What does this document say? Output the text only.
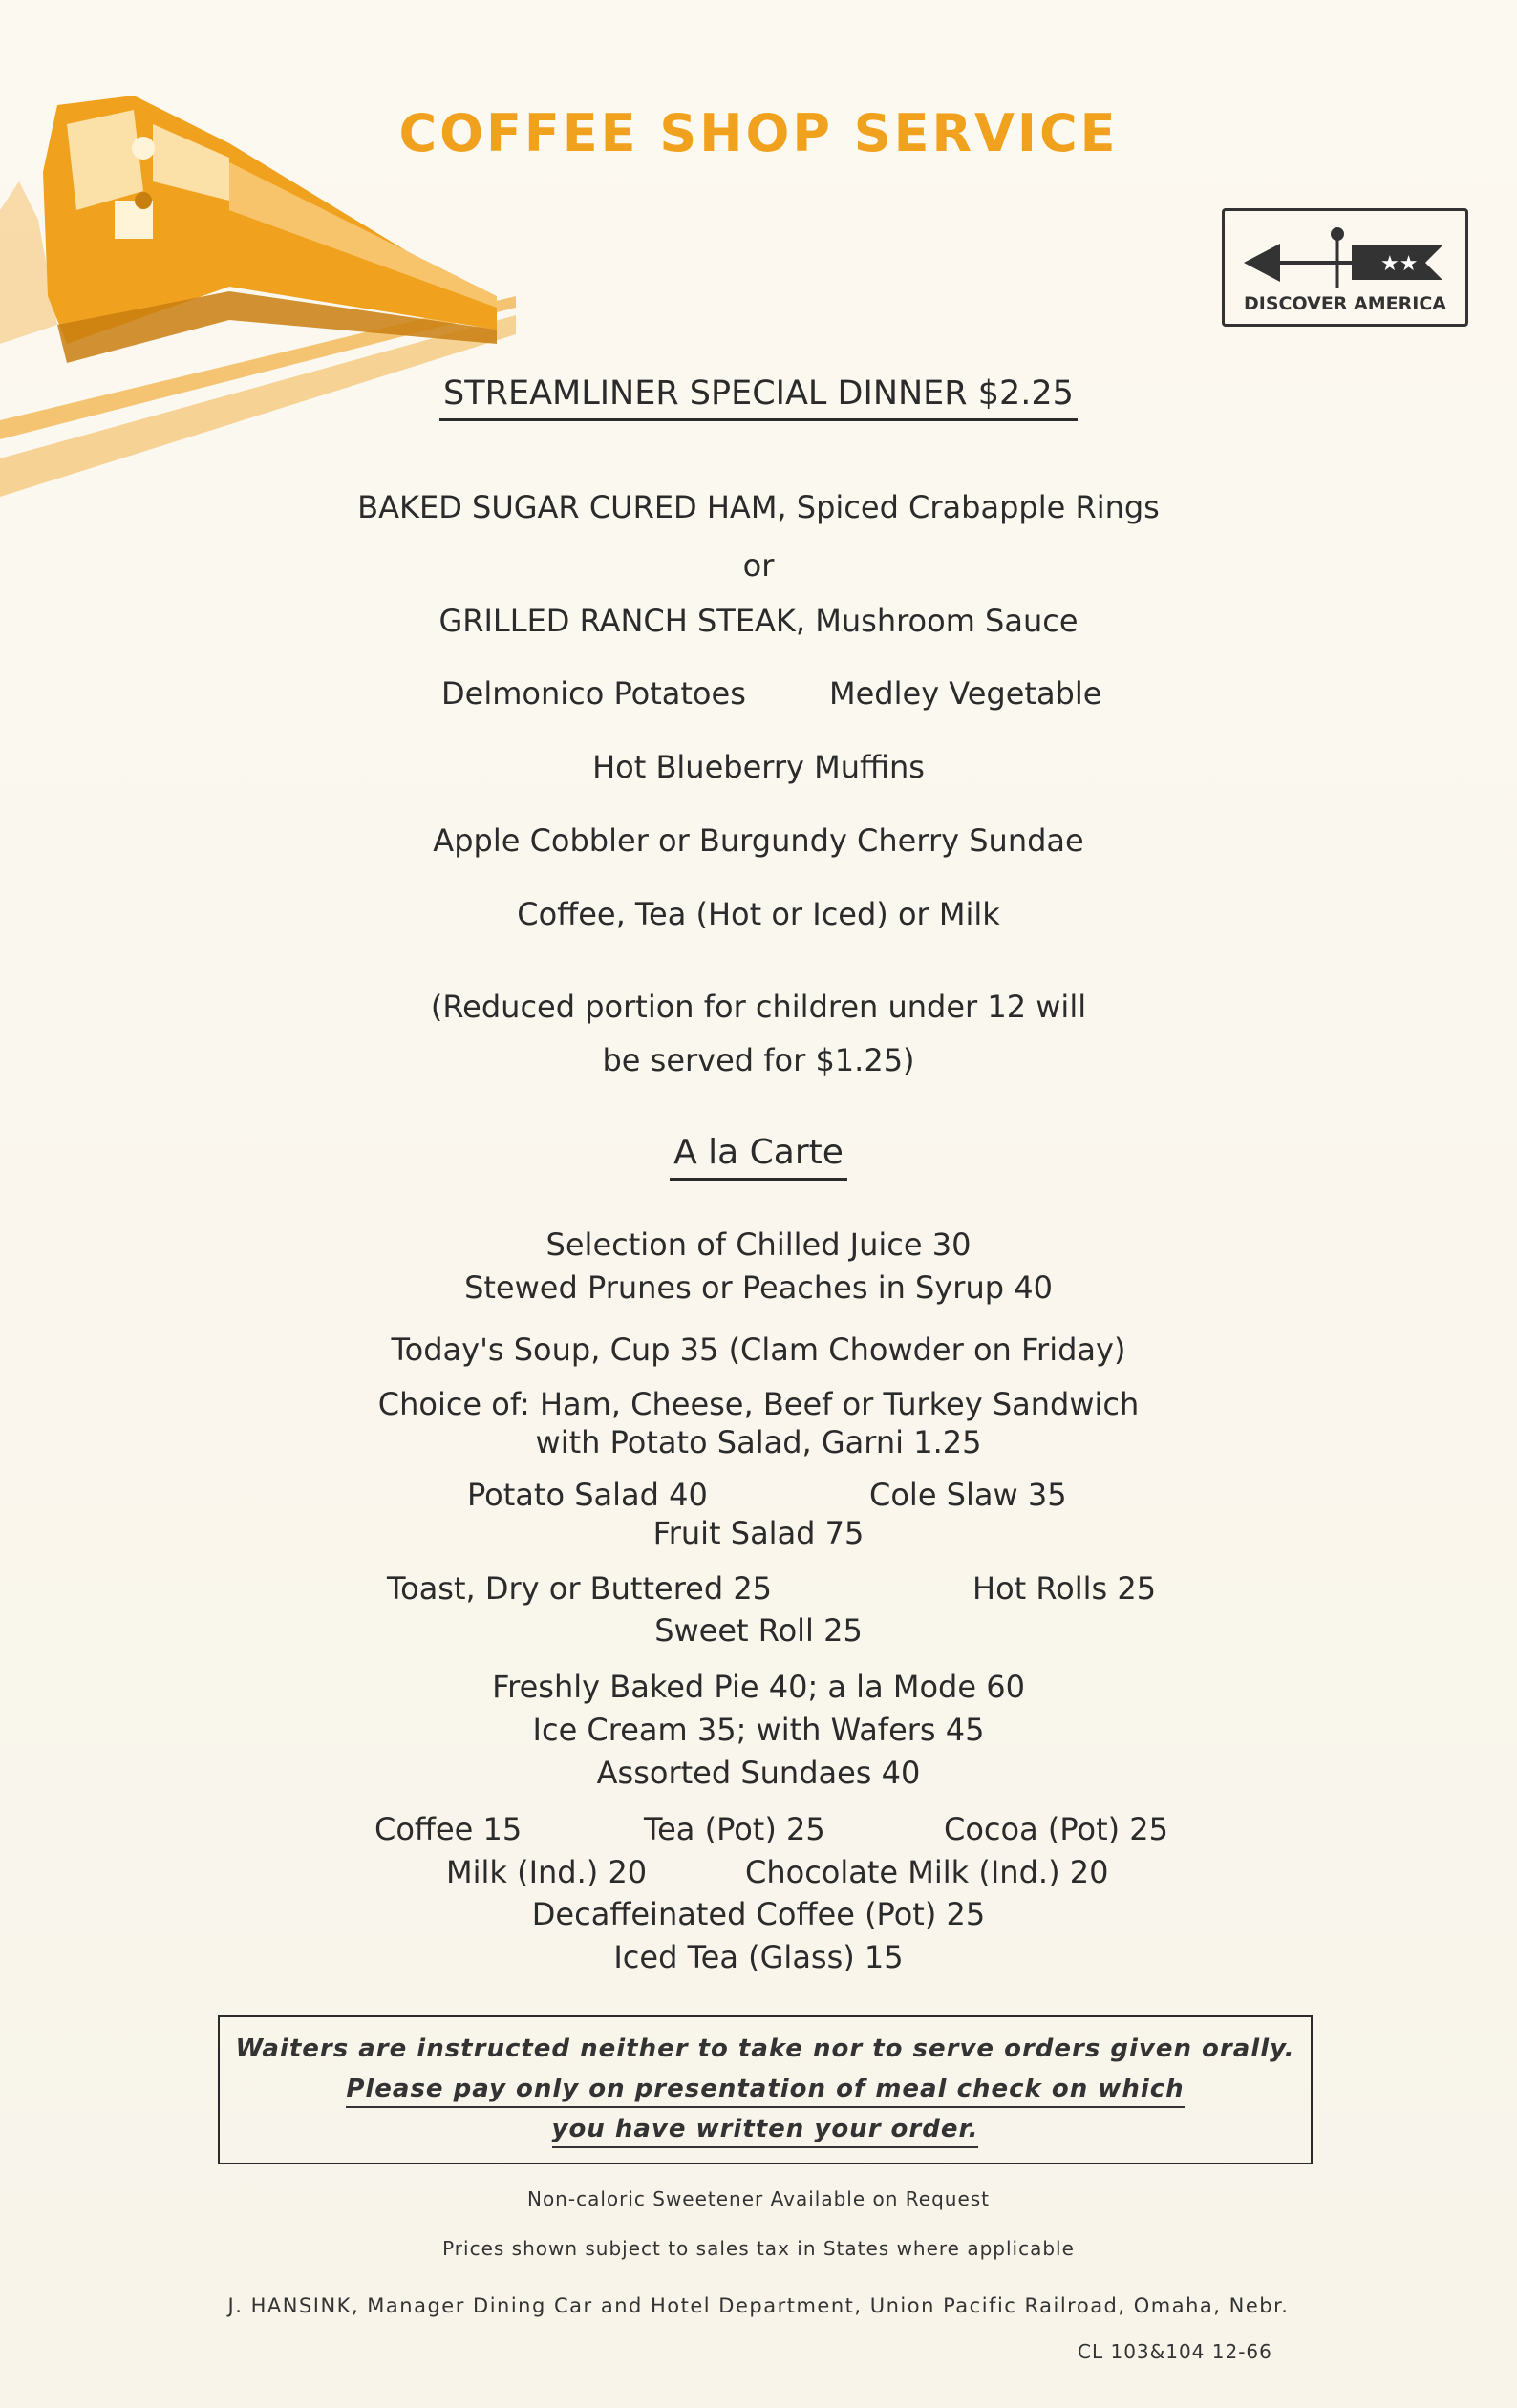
COFFEE SHOP SERVICE
★★
DISCOVER AMERICA
STREAMLINER SPECIAL DINNER $2.25
BAKED SUGAR CURED HAM, Spiced Crabapple Rings
or
GRILLED RANCH STEAK, Mushroom Sauce
Delmonico Potatoes	Medley Vegetable
Hot Blueberry Muffins
Apple Cobbler or Burgundy Cherry Sundae
Coffee, Tea (Hot or Iced) or Milk
(Reduced portion for children under 12 will
be served for $1.25)
A la Carte
Selection of Chilled Juice 30
Stewed Prunes or Peaches in Syrup 40
Today's Soup, Cup 35 (Clam Chowder on Friday)
Choice of: Ham, Cheese, Beef or Turkey Sandwich
with Potato Salad, Garni 1.25
Potato Salad 40	Cole Slaw 35
Fruit Salad 75
Toast, Dry or Buttered 25	Hot Rolls 25
Sweet Roll 25
Freshly Baked Pie 40; a la Mode 60
Ice Cream 35; with Wafers 45
Assorted Sundaes 40
Coffee 15	Tea (Pot) 25	Cocoa (Pot) 25
Milk (Ind.) 20	Chocolate Milk (Ind.) 20
Decaffeinated Coffee (Pot) 25
Iced Tea (Glass) 15
Waiters are instructed neither to take nor to serve orders given orally.
Please pay only on presentation of meal check on which
you have written your order.
Non-caloric Sweetener Available on Request
Prices shown subject to sales tax in States where applicable
J. HANSINK, Manager Dining Car and Hotel Department, Union Pacific Railroad, Omaha, Nebr.
CL 103&104 12-66
